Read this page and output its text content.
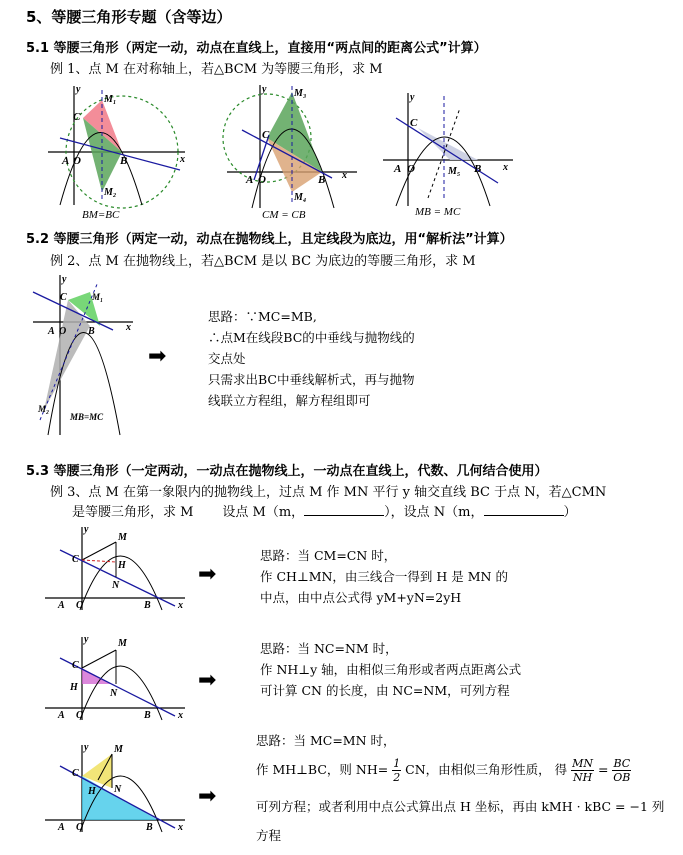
5、等腰三角形专题（含等边）
5.1 等腰三角形（两定一动，动点在直线上，直接用“两点间的距离公式”计算）
例 1、点 M 在对称轴上，若△BCM 为等腰三角形，求 M
y
x
C
A O	B
M₁
M₂
BM=BC
y
x
C
A O	B
M₃
M₄
CM = CB
y
x
C
A O	B
M₅
MB = MC
5.2 等腰三角形（两定一动，动点在抛物线上，且定线段为底边，用“解析法”计算）
例 2、点 M 在抛物线上，若△BCM 是以 BC 为底边的等腰三角形，求 M
y
x
C
A O B
M₁
M₂
MB=MC
➡
思路：∵MC=MB,
∴点M在线段BC的中垂线与抛物线的
交点处
只需求出BC中垂线解析式，再与抛物
线联立方程组，解方程组即可
5.3 等腰三角形（一定两动，一动点在抛物线上，一动点在直线上，代数、几何结合使用）
例 3、点 M 在第一象限内的抛物线上，过点 M 作 MN 平行 y 轴交直线 BC 于点 N，若△CMN
是等腰三角形，求 M 设点 M（m，	），设点 N（m，	）
y
x
C
M
H
N
A O	B
➡
思路：当 CM=CN 时，
作 CH⊥MN，由三线合一得到 H 是 MN 的
中点，由中点公式得 yM+yN=2yH
y
x
C
H
M
N
A O	B
➡
思路：当 NC=NM 时，
作 NH⊥y 轴，由相似三角形或者两点距离公式
可计算 CN 的长度，由 NC=NM，可列方程
y
x
C
M
H N
A O	B
➡
思路：当 MC=MN 时，
作 MH⊥BC，则 $NH= \frac{1}{2}$ CN，由相似三角形性质， 得 $\frac{MN}{NH} = \frac{BC}{OB}$
可列方程；或者利用中点公式算出点 H 坐标，再由 kMH · kBC = −1 列
方程
